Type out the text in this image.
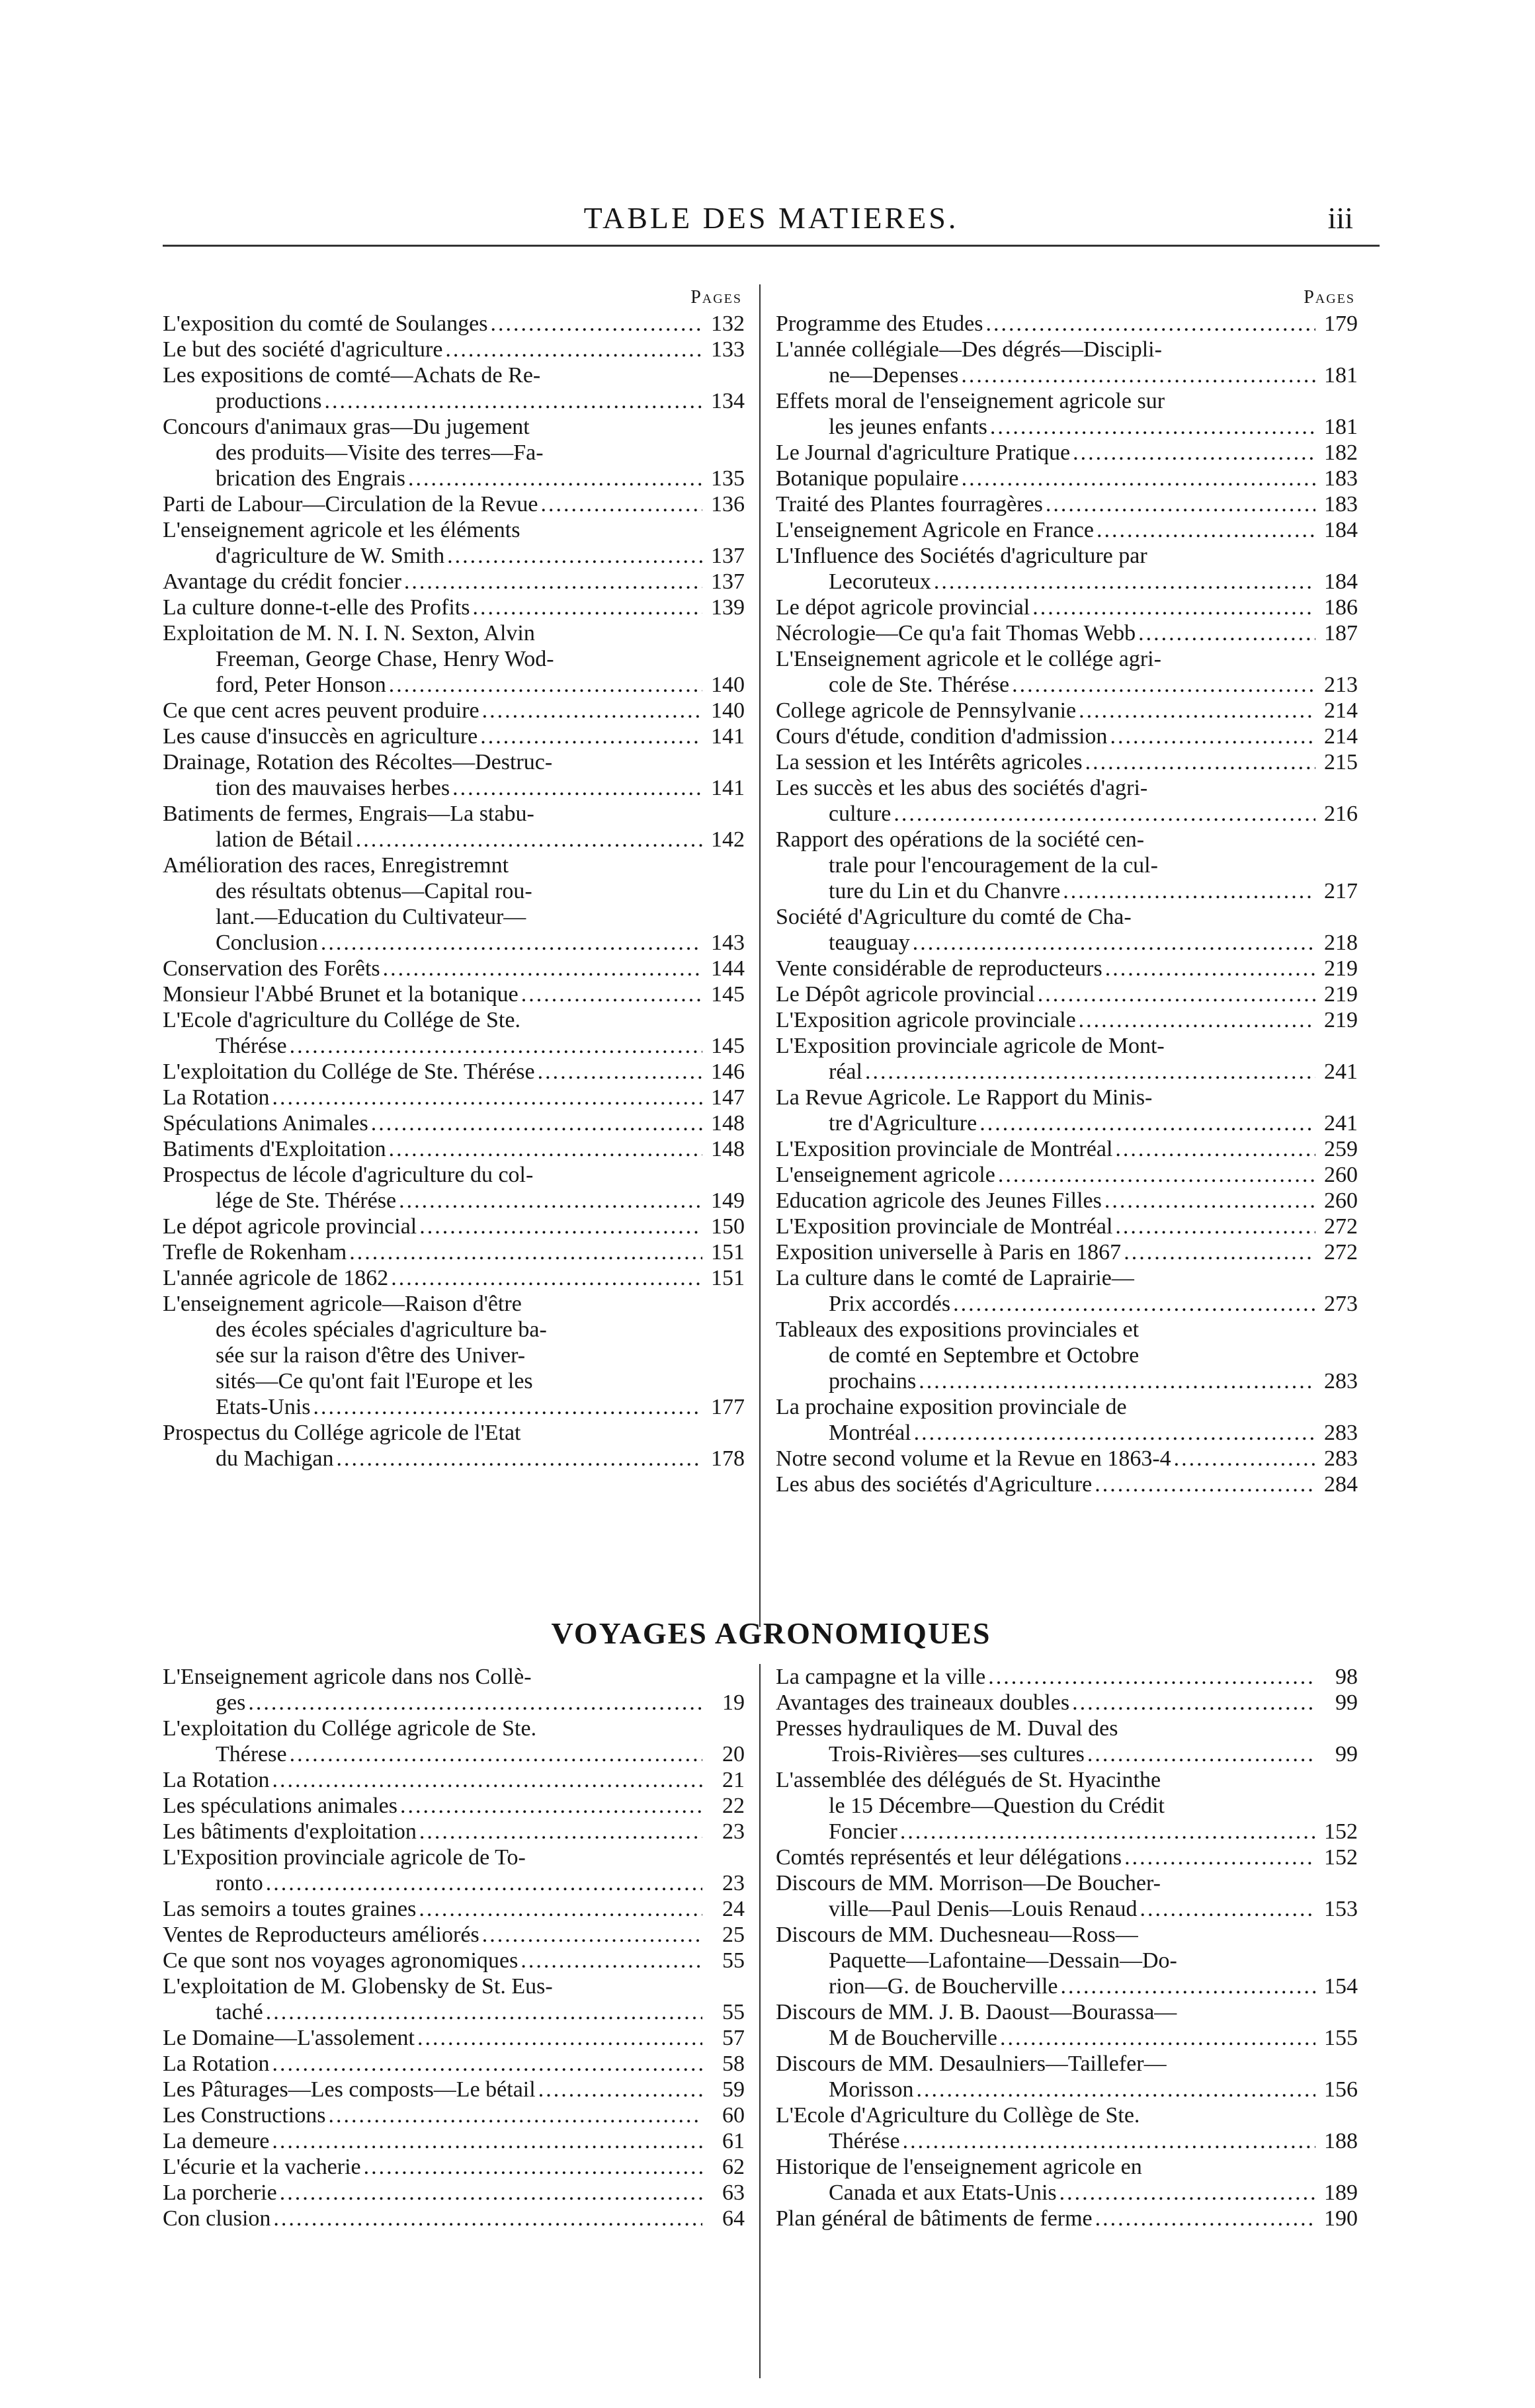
TABLE DES MATIERES.	iii
Pages
L'exposition du comté de Soulanges .....	132
Le but des société d'agriculture .....	133
Les expositions de comté—Achats de Re-
productions .....	134
Concours d'animaux gras—Du jugement
des produits—Visite des terres—Fa-
brication des Engrais .....	135
Parti de Labour—Circulation de la Revue .....	136
L'enseignement agricole et les éléments
d'agriculture de W. Smith .....	137
Avantage du crédit foncier .....	137
La culture donne-t-elle des Profits .....	139
Exploitation de M. N. I. N. Sexton, Alvin
Freeman, George Chase, Henry Wod-
ford, Peter Honson .....	140
Ce que cent acres peuvent produire .....	140
Les cause d'insuccès en agriculture .....	141
Drainage, Rotation des Récoltes—Destruc-
tion des mauvaises herbes .....	141
Batiments de fermes, Engrais—La stabu-
lation de Bétail .....	142
Amélioration des races, Enregistremnt
des résultats obtenus—Capital rou-
lant.—Education du Cultivateur—
Conclusion .....	143
Conservation des Forêts .....	144
Monsieur l'Abbé Brunet et la botanique .....	145
L'Ecole d'agriculture du Collége de Ste.
Thérése .....	145
L'exploitation du Collége de Ste. Thérése .....	146
La Rotation .....	147
Spéculations Animales .....	148
Batiments d'Exploitation .....	148
Prospectus de lécole d'agriculture du col-
lége de Ste. Thérése .....	149
Le dépot agricole provincial .....	150
Trefle de Rokenham .....	151
L'année agricole de 1862 .....	151
L'enseignement agricole—Raison d'être
des écoles spéciales d'agriculture ba-
sée sur la raison d'être des Univer-
sités—Ce qu'ont fait l'Europe et les
Etats-Unis .....	177
Prospectus du Collége agricole de l'Etat
du Machigan .....	178
Pages
Programme des Etudes .....	179
L'année collégiale—Des dégrés—Discipli-
ne—Depenses .....	181
Effets moral de l'enseignement agricole sur
les jeunes enfants .....	181
Le Journal d'agriculture Pratique .....	182
Botanique populaire .....	183
Traité des Plantes fourragères .....	183
L'enseignement Agricole en France .....	184
L'Influence des Sociétés d'agriculture par
Lecoruteux .....	184
Le dépot agricole provincial .....	186
Nécrologie—Ce qu'a fait Thomas Webb .....	187
L'Enseignement agricole et le collége agri-
cole de Ste. Thérése .....	213
College agricole de Pennsylvanie .....	214
Cours d'étude, condition d'admission .....	214
La session et les Intérêts agricoles .....	215
Les succès et les abus des sociétés d'agri-
culture .....	216
Rapport des opérations de la société cen-
trale pour l'encouragement de la cul-
ture du Lin et du Chanvre .....	217
Société d'Agriculture du comté de Cha-
teauguay .....	218
Vente considérable de reproducteurs .....	219
Le Dépôt agricole provincial .....	219
L'Exposition agricole provinciale .....	219
L'Exposition provinciale agricole de Mont-
réal .....	241
La Revue Agricole. Le Rapport du Minis-
tre d'Agriculture .....	241
L'Exposition provinciale de Montréal .....	259
L'enseignement agricole .....	260
Education agricole des Jeunes Filles .....	260
L'Exposition provinciale de Montréal .....	272
Exposition universelle à Paris en 1867 .....	272
La culture dans le comté de Laprairie—
Prix accordés .....	273
Tableaux des expositions provinciales et
de comté en Septembre et Octobre
prochains .....	283
La prochaine exposition provinciale de
Montréal .....	283
Notre second volume et la Revue en 1863-4 .....	283
Les abus des sociétés d'Agriculture .....	284
VOYAGES AGRONOMIQUES
L'Enseignement agricole dans nos Collè-
ges .....	19
L'exploitation du Collége agricole de Ste.
Thérese .....	20
La Rotation .....	21
Les spéculations animales .....	22
Les bâtiments d'exploitation .....	23
L'Exposition provinciale agricole de To-
ronto .....	23
Las semoirs a toutes graines .....	24
Ventes de Reproducteurs améliorés .....	25
Ce que sont nos voyages agronomiques .....	55
L'exploitation de M. Globensky de St. Eus-
taché .....	55
Le Domaine—L'assolement .....	57
La Rotation .....	58
Les Pâturages—Les composts—Le bétail .....	59
Les Constructions .....	60
La demeure .....	61
L'écurie et la vacherie .....	62
La porcherie .....	63
Con clusion .....	64
La campagne et la ville .....	98
Avantages des traineaux doubles .....	99
Presses hydrauliques de M. Duval des
Trois-Rivières—ses cultures .....	99
L'assemblée des délégués de St. Hyacinthe
le 15 Décembre—Question du Crédit
Foncier .....	152
Comtés représentés et leur délégations .....	152
Discours de MM. Morrison—De Boucher-
ville—Paul Denis—Louis Renaud .....	153
Discours de MM. Duchesneau—Ross—
Paquette—Lafontaine—Dessain—Do-
rion—G. de Boucherville .....	154
Discours de MM. J. B. Daoust—Bourassa—
M de Boucherville .....	155
Discours de MM. Desaulniers—Taillefer—
Morisson .....	156
L'Ecole d'Agriculture du Collège de Ste.
Thérése .....	188
Historique de l'enseignement agricole en
Canada et aux Etats-Unis .....	189
Plan général de bâtiments de ferme .....	190
